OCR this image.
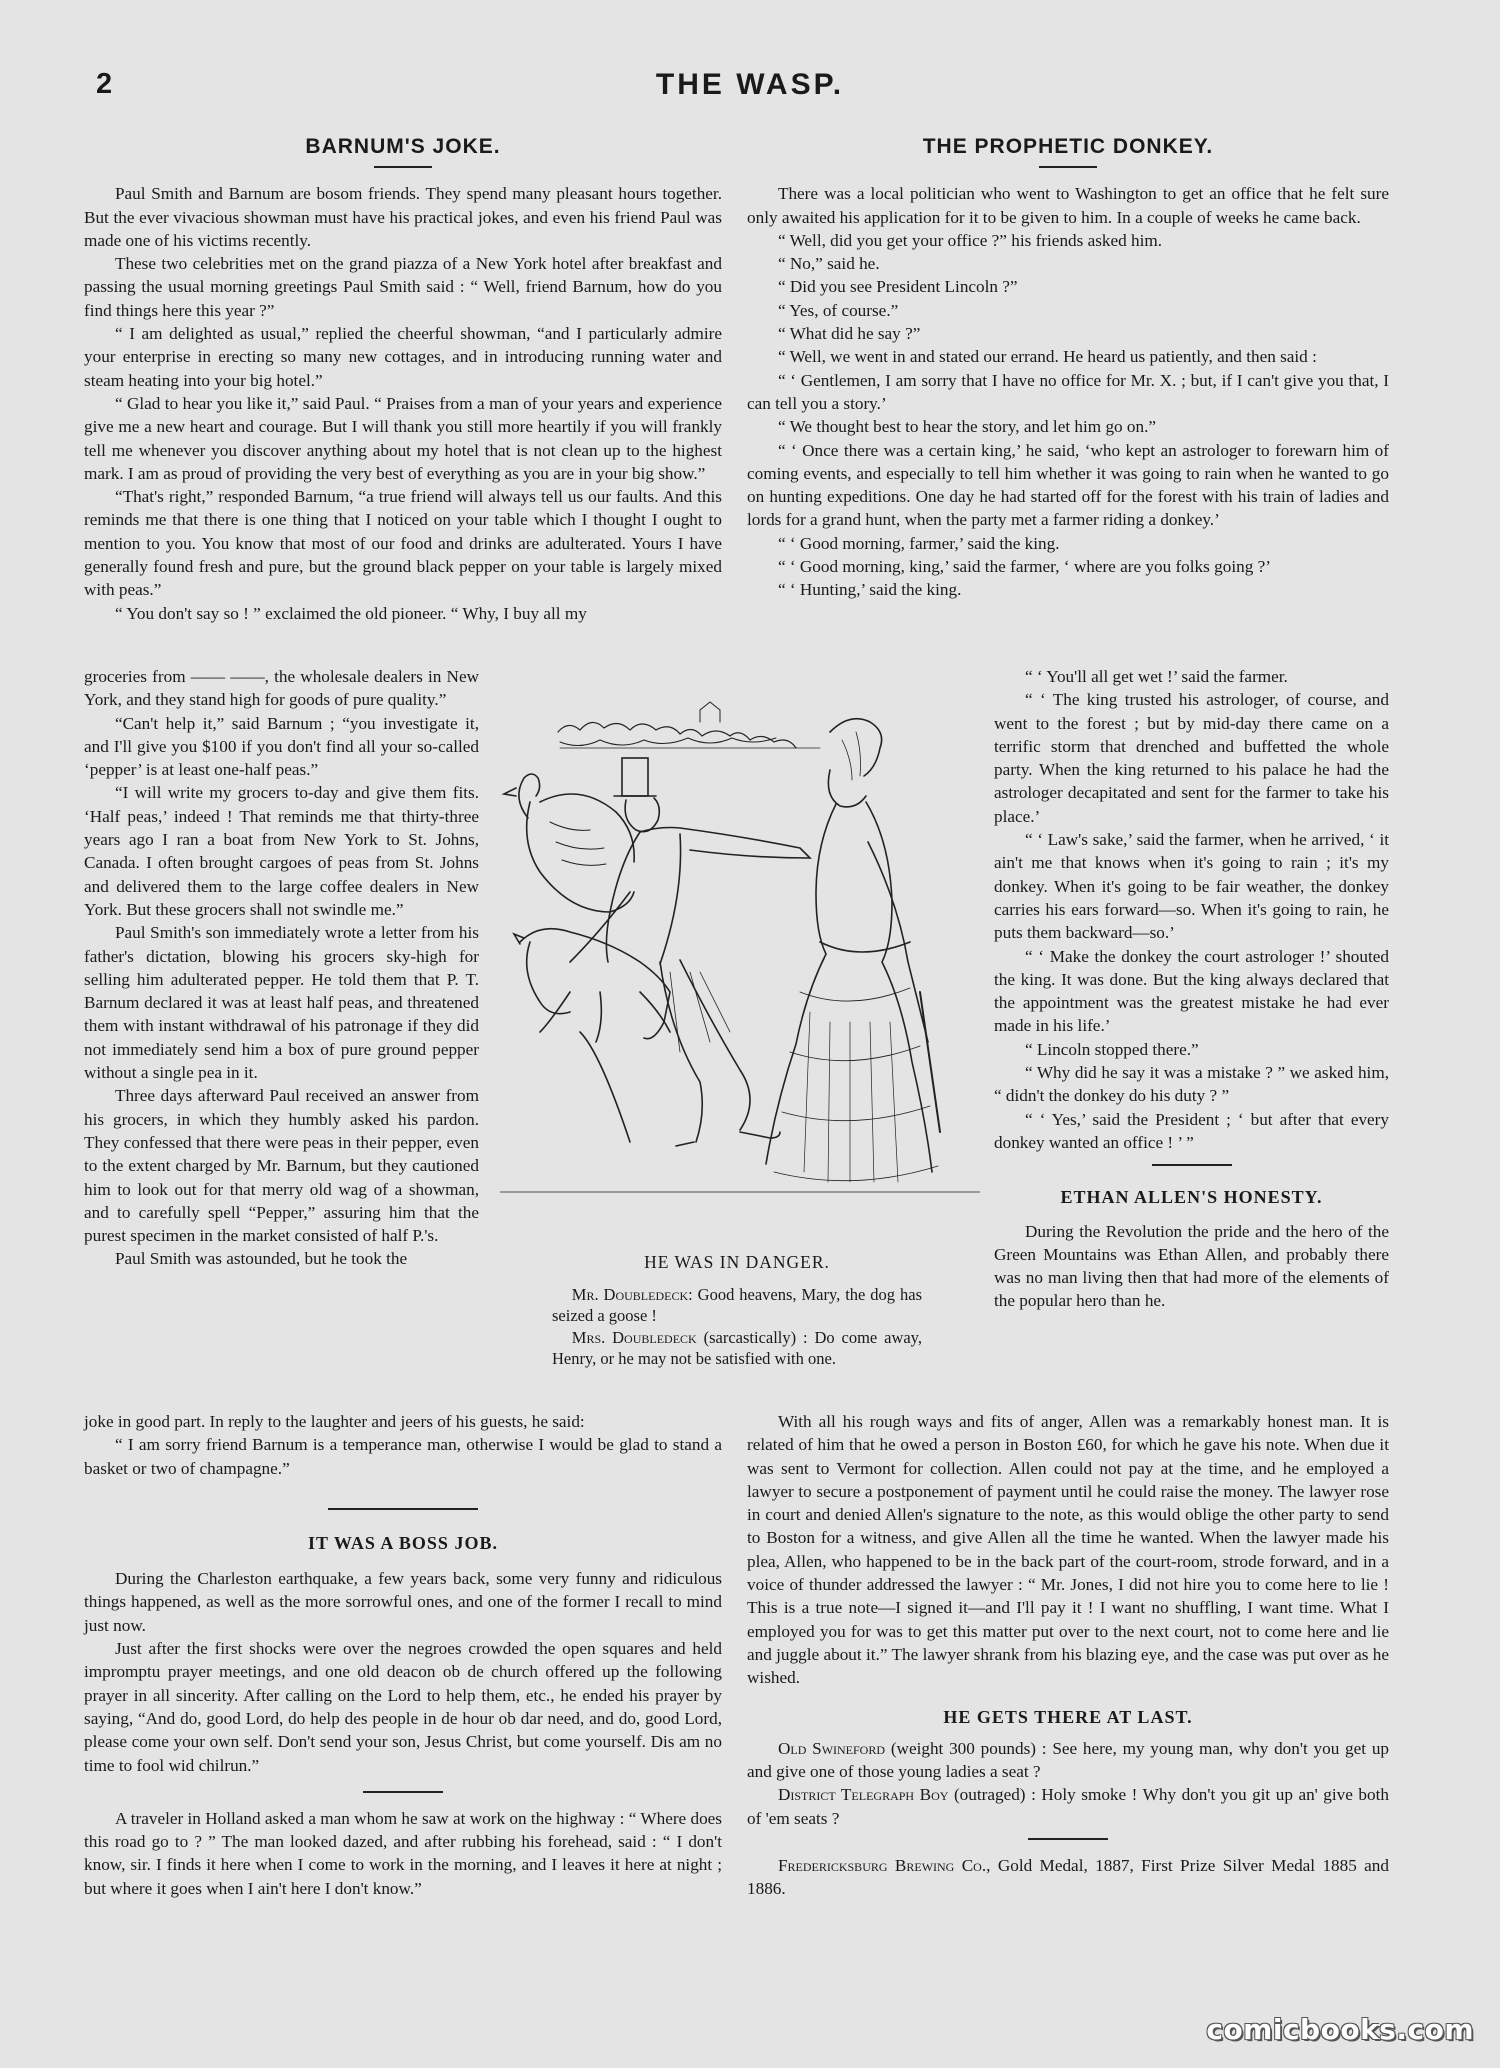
2	THE WASP.
BARNUM'S JOKE.

Paul Smith and Barnum are bosom friends. They spend many pleasant hours together. But the ever vivacious showman must have his practical jokes, and even his friend Paul was made one of his victims recently.

These two celebrities met on the grand piazza of a New York hotel after breakfast and passing the usual morning greetings Paul Smith said : “ Well, friend Barnum, how do you find things here this year ?”

“ I am delighted as usual,” replied the cheerful showman, “and I particularly admire your enterprise in erecting so many new cottages, and in introducing running water and steam heating into your big hotel.”

“ Glad to hear you like it,” said Paul. “ Praises from a man of your years and experience give me a new heart and courage. But I will thank you still more heartily if you will frankly tell me whenever you discover anything about my hotel that is not clean up to the highest mark. I am as proud of providing the very best of everything as you are in your big show.”

“That's right,” responded Barnum, “a true friend will always tell us our faults. And this reminds me that there is one thing that I noticed on your table which I thought I ought to mention to you. You know that most of our food and drinks are adulterated. Yours I have generally found fresh and pure, but the ground black pepper on your table is largely mixed with peas.”

“ You don't say so ! ” exclaimed the old pioneer. “ Why, I buy all my

groceries from —— ——, the wholesale dealers in New York, and they stand high for goods of pure quality.”

“Can't help it,” said Barnum ; “you investigate it, and I'll give you $100 if you don't find all your so-called ‘pepper’ is at least one-half peas.”

“I will write my grocers to-day and give them fits. ‘Half peas,’ indeed ! That reminds me that thirty-three years ago I ran a boat from New York to St. Johns, Canada. I often brought cargoes of peas from St. Johns and delivered them to the large coffee dealers in New York. But these grocers shall not swindle me.”

Paul Smith's son immediately wrote a letter from his father's dictation, blowing his grocers sky-high for selling him adulterated pepper. He told them that P. T. Barnum declared it was at least half peas, and threatened them with instant withdrawal of his patronage if they did not immediately send him a box of pure ground pepper without a single pea in it.

Three days afterward Paul received an answer from his grocers, in which they humbly asked his pardon. They confessed that there were peas in their pepper, even to the extent charged by Mr. Barnum, but they cautioned him to look out for that merry old wag of a showman, and to carefully spell “Pepper,” assuring him that the purest specimen in the market consisted of half P.'s.

Paul Smith was astounded, but he took the

joke in good part. In reply to the laughter and jeers of his guests, he said:

“ I am sorry friend Barnum is a temperance man, otherwise I would be glad to stand a basket or two of champagne.”

IT WAS A BOSS JOB.

During the Charleston earthquake, a few years back, some very funny and ridiculous things happened, as well as the more sorrowful ones, and one of the former I recall to mind just now.

Just after the first shocks were over the negroes crowded the open squares and held impromptu prayer meetings, and one old deacon ob de church offered up the following prayer in all sincerity. After calling on the Lord to help them, etc., he ended his prayer by saying, “And do, good Lord, do help des people in de hour ob dar need, and do, good Lord, please come your own self. Don't send your son, Jesus Christ, but come yourself. Dis am no time to fool wid chilrun.”

A traveler in Holland asked a man whom he saw at work on the highway : “ Where does this road go to ? ” The man looked dazed, and after rubbing his forehead, said : “ I don't know, sir. I finds it here when I come to work in the morning, and I leaves it here at night ; but where it goes when I ain't here I don't know.”

THE PROPHETIC DONKEY.

There was a local politician who went to Washington to get an office that he felt sure only awaited his application for it to be given to him. In a couple of weeks he came back.

“ Well, did you get your office ?” his friends asked him.

“ No,” said he.

“ Did you see President Lincoln ?”

“ Yes, of course.”

“ What did he say ?”

“ Well, we went in and stated our errand. He heard us patiently, and then said :

“ ‘ Gentlemen, I am sorry that I have no office for Mr. X. ; but, if I can't give you that, I can tell you a story.’

“ We thought best to hear the story, and let him go on.”

“ ‘ Once there was a certain king,’ he said, ‘who kept an astrologer to forewarn him of coming events, and especially to tell him whether it was going to rain when he wanted to go on hunting expeditions. One day he had started off for the forest with his train of ladies and lords for a grand hunt, when the party met a farmer riding a donkey.’

“ ‘ Good morning, farmer,’ said the king.

“ ‘ Good morning, king,’ said the farmer, ‘ where are you folks going ?’

“ ‘ Hunting,’ said the king.

“ ‘ You'll all get wet !’ said the farmer.

“ ‘ The king trusted his astrologer, of course, and went to the forest ; but by mid-day there came on a terrific storm that drenched and buffetted the whole party. When the king returned to his palace he had the astrologer decapitated and sent for the farmer to take his place.’

“ ‘ Law's sake,’ said the farmer, when he arrived, ‘ it ain't me that knows when it's going to rain ; it's my donkey. When it's going to be fair weather, the donkey carries his ears forward—so. When it's going to rain, he puts them backward—so.’

“ ‘ Make the donkey the court astrologer !’ shouted the king. It was done. But the king always declared that the appointment was the greatest mistake he had ever made in his life.’

“ Lincoln stopped there.”

“ Why did he say it was a mistake ? ” we asked him, “ didn't the donkey do his duty ? ”

“ ‘ Yes,’ said the President ; ‘ but after that every donkey wanted an office ! ’ ”

ETHAN ALLEN'S HONESTY.

During the Revolution the pride and the hero of the Green Mountains was Ethan Allen, and probably there was no man living then that had more of the elements of the popular hero than he.

With all his rough ways and fits of anger, Allen was a remarkably honest man. It is related of him that he owed a person in Boston £60, for which he gave his note. When due it was sent to Vermont for collection. Allen could not pay at the time, and he employed a lawyer to secure a postponement of payment until he could raise the money. The lawyer rose in court and denied Allen's signature to the note, as this would oblige the other party to send to Boston for a witness, and give Allen all the time he wanted. When the lawyer made his plea, Allen, who happened to be in the back part of the court-room, strode forward, and in a voice of thunder addressed the lawyer : “ Mr. Jones, I did not hire you to come here to lie ! This is a true note—I signed it—and I'll pay it ! I want no shuffling, I want time. What I employed you for was to get this matter put over to the next court, not to come here and lie and juggle about it.” The lawyer shrank from his blazing eye, and the case was put over as he wished.

HE GETS THERE AT LAST.

Old Swineford (weight 300 pounds) : See here, my young man, why don't you get up and give one of those young ladies a seat ?

District Telegraph Boy (outraged) : Holy smoke ! Why don't you git up an' give both of 'em seats ?

Fredericksburg Brewing Co., Gold Medal, 1887, First Prize Silver Medal 1885 and 1886.

HE WAS IN DANGER.

Mr. Doubledeck: Good heavens, Mary, the dog has seized a goose !

Mrs. Doubledeck (sarcastically) : Do come away, Henry, or he may not be satisfied with one.

comicbooks.com
